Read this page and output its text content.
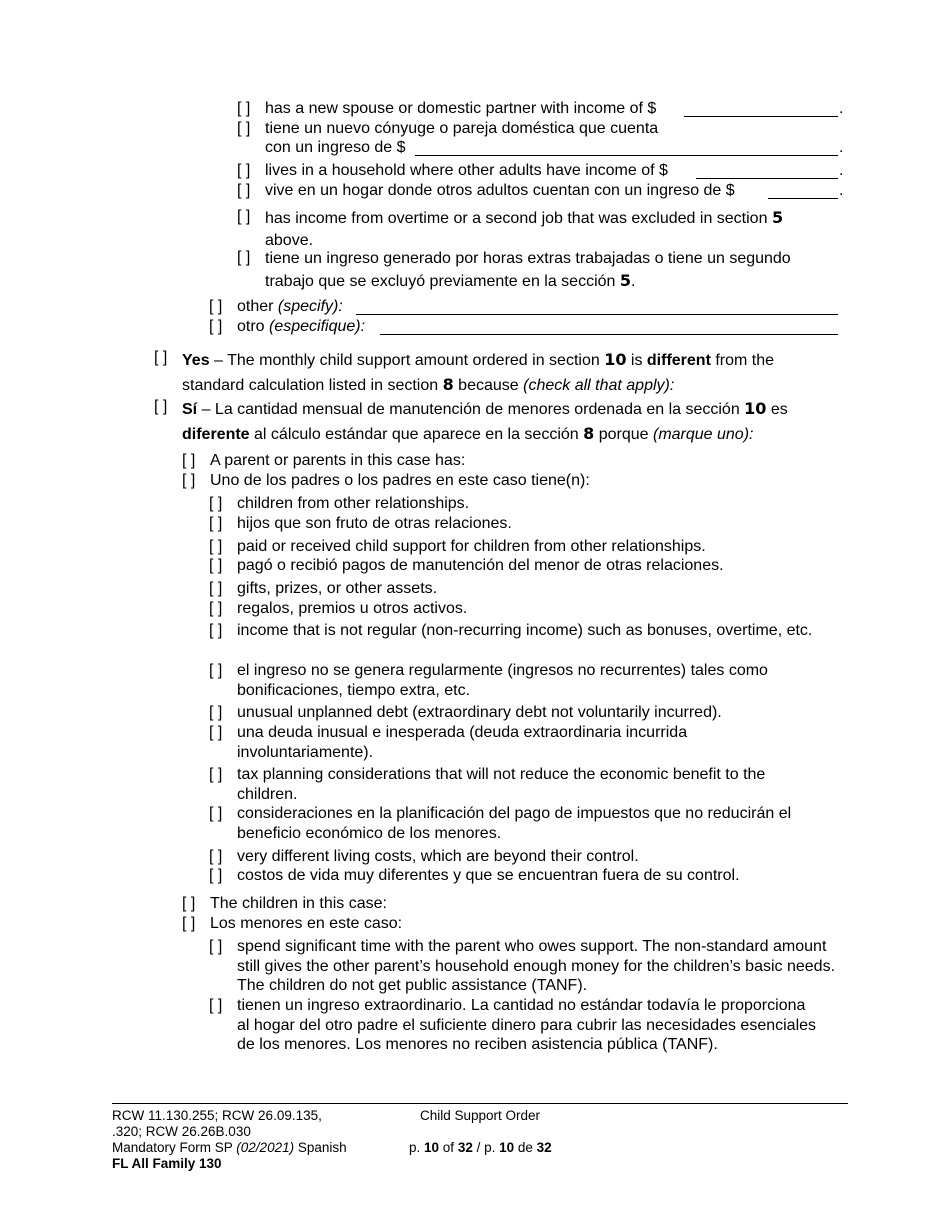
[ ] has a new spouse or domestic partner with income of $	.
[ ] tiene un nuevo cónyuge o pareja doméstica que cuenta
con un ingreso de $	.
[ ] lives in a household where other adults have income of $	.
[ ] vive en un hogar donde otros adultos cuentan con un ingreso de $	.
[ ] has income from overtime or a second job that was excluded in section 5
above.
[ ] tiene un ingreso generado por horas extras trabajadas o tiene un segundo
trabajo que se excluyó previamente en la sección 5.
[ ] other (specify):
[ ] otro (especifique):
[ ] Yes – The monthly child support amount ordered in section 10 is different from the
standard calculation listed in section 8 because (check all that apply):
[ ] Sí – La cantidad mensual de manutención de menores ordenada en la sección 10 es
diferente al cálculo estándar que aparece en la sección 8 porque (marque uno):
[ ] A parent or parents in this case has:
[ ] Uno de los padres o los padres en este caso tiene(n):
[ ] children from other relationships.
[ ] hijos que son fruto de otras relaciones.
[ ] paid or received child support for children from other relationships.
[ ] pagó o recibió pagos de manutención del menor de otras relaciones.
[ ] gifts, prizes, or other assets.
[ ] regalos, premios u otros activos.
[ ] income that is not regular (non-recurring income) such as bonuses, overtime, etc.
[ ] el ingreso no se genera regularmente (ingresos no recurrentes) tales como bonificaciones, tiempo extra, etc.
[ ] unusual unplanned debt (extraordinary debt not voluntarily incurred).
[ ] una deuda inusual e inesperada (deuda extraordinaria incurrida involuntariamente).
[ ] tax planning considerations that will not reduce the economic benefit to the children.
[ ] consideraciones en la planificación del pago de impuestos que no reducirán el beneficio económico de los menores.
[ ] very different living costs, which are beyond their control.
[ ] costos de vida muy diferentes y que se encuentran fuera de su control.
[ ] The children in this case:
[ ] Los menores en este caso:
[ ] spend significant time with the parent who owes support. The non-standard amount still gives the other parent’s household enough money for the children’s basic needs. The children do not get public assistance (TANF).
[ ] tienen un ingreso extraordinario. La cantidad no estándar todavía le proporciona al hogar del otro padre el suficiente dinero para cubrir las necesidades esenciales de los menores. Los menores no reciben asistencia pública (TANF).
RCW 11.130.255; RCW 26.09.135,
.320; RCW 26.26B.030
Mandatory Form SP (02/2021) Spanish
FL All Family 130
Child Support Order
p. 10 of 32 / p. 10 de 32
